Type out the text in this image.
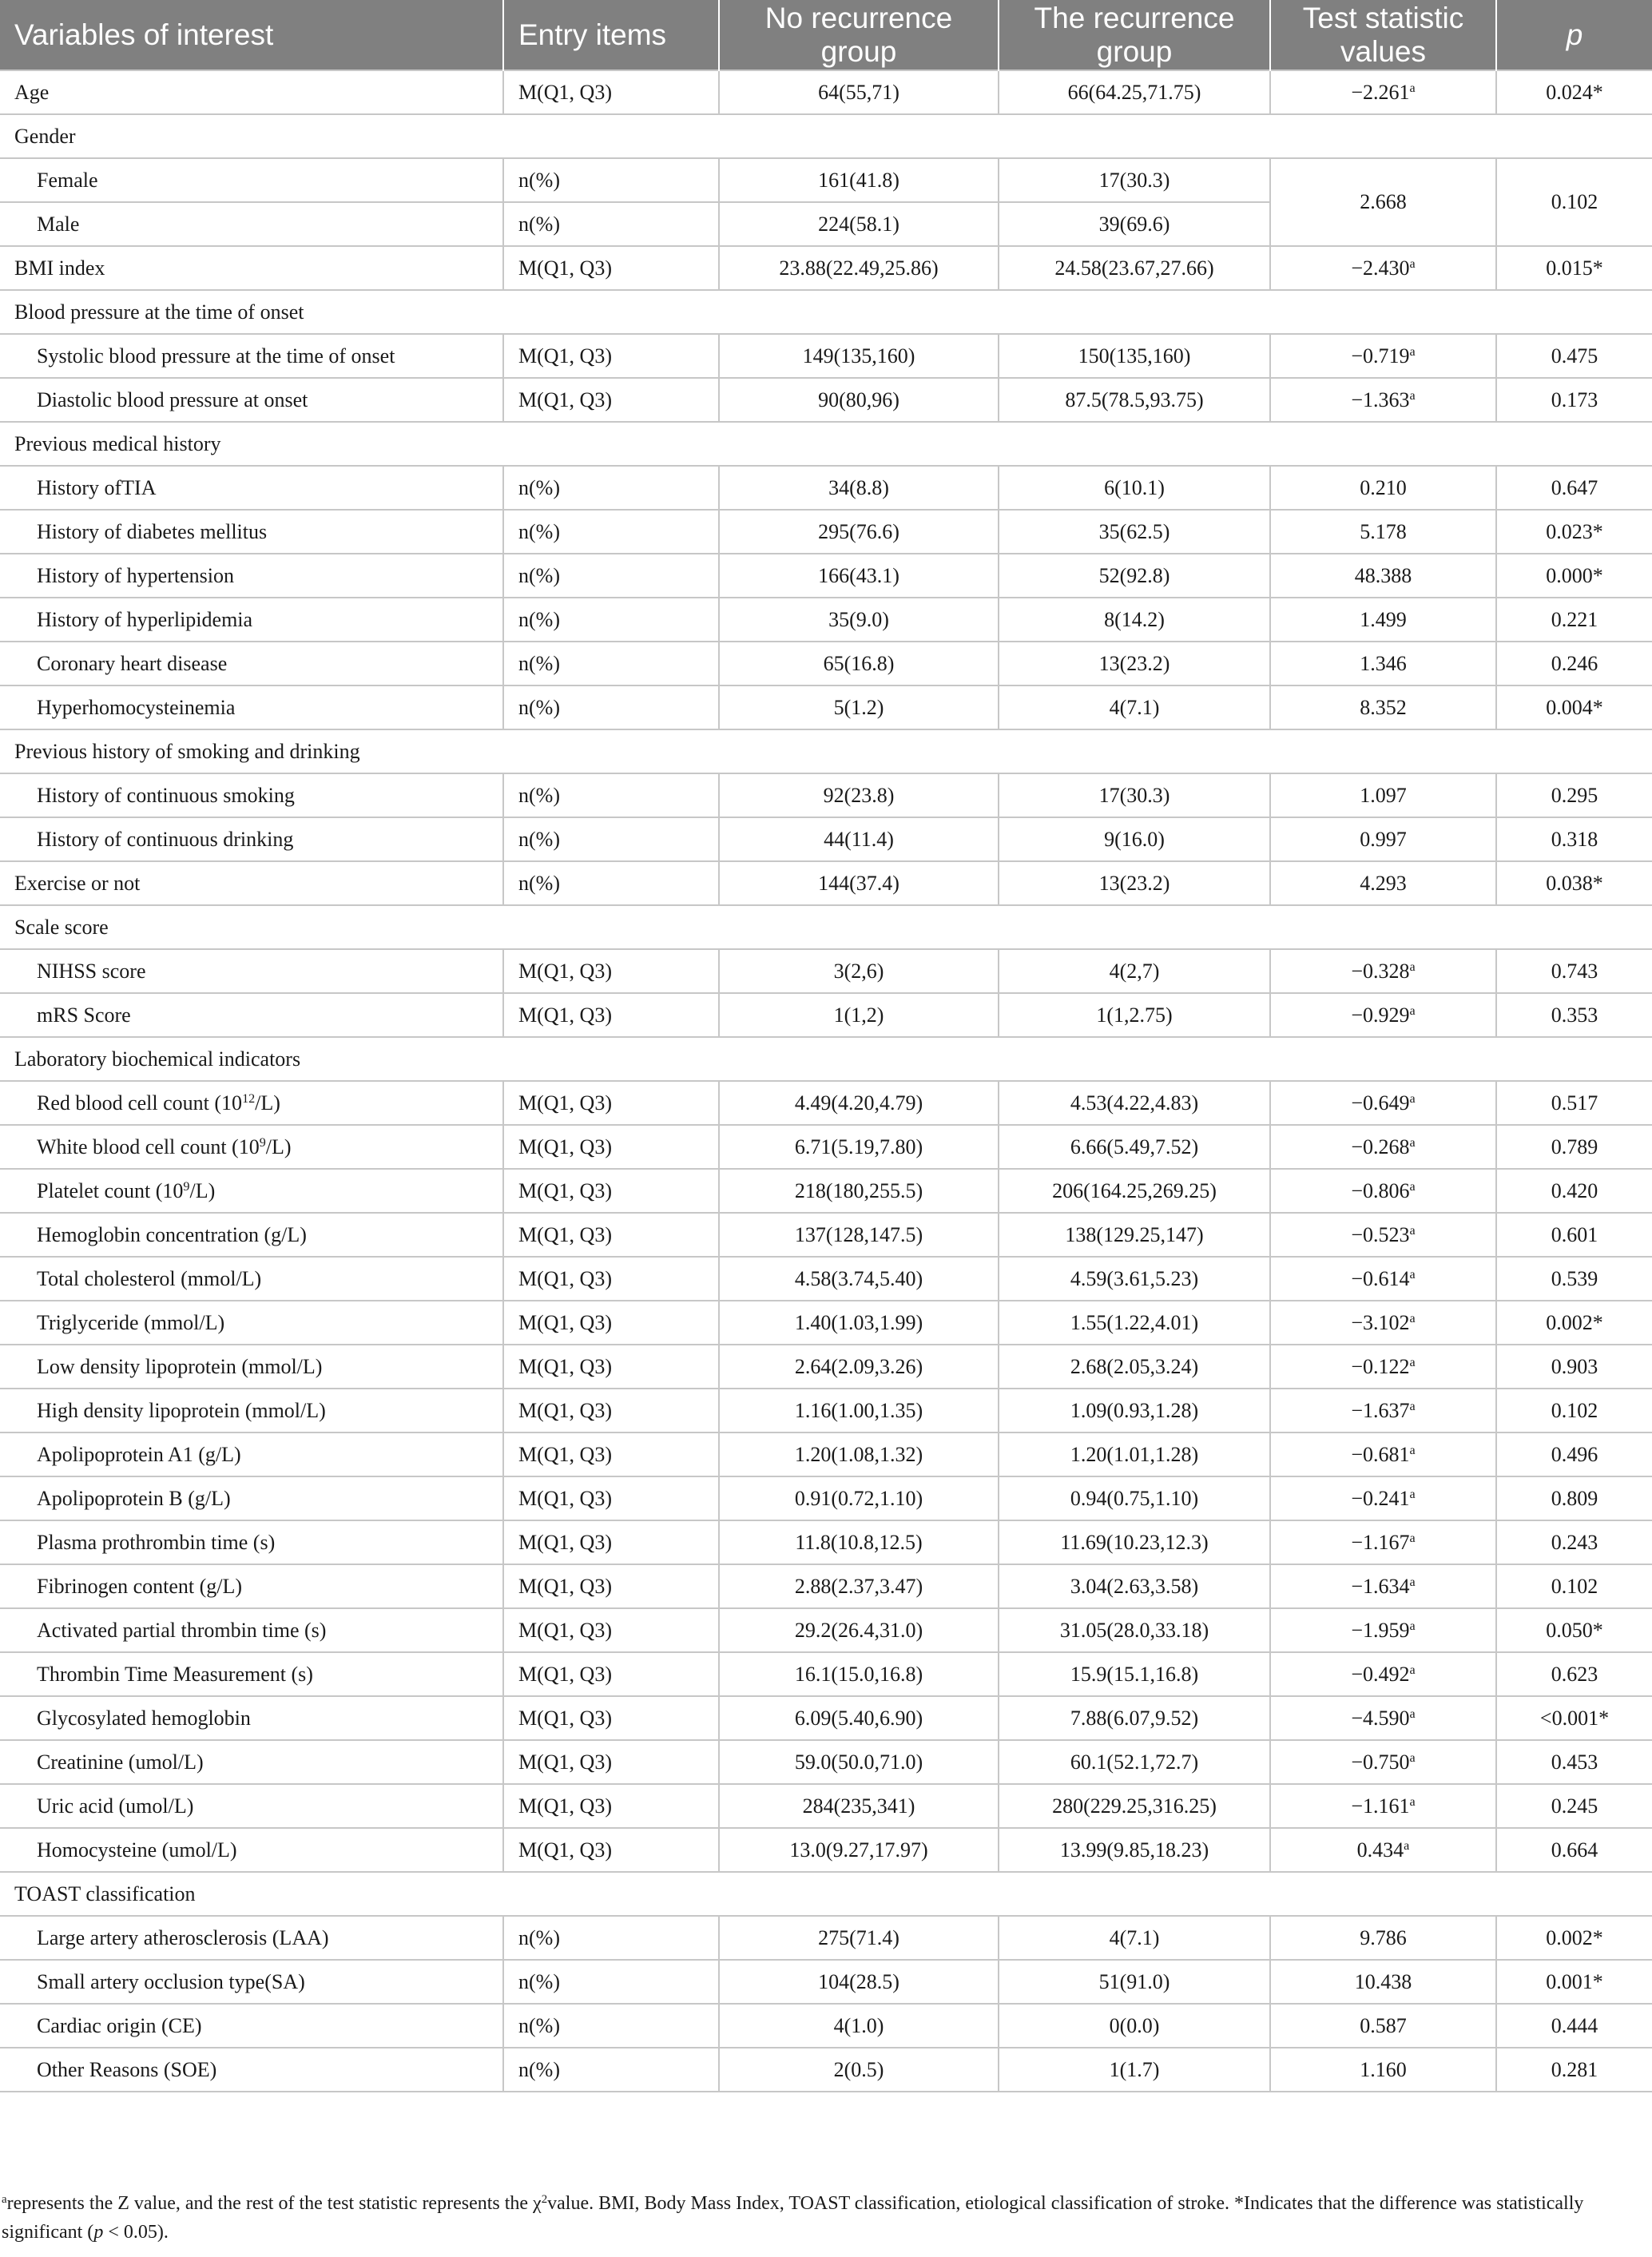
Variables of interest	Entry items	No recurrence group	The recurrence group	Test statistic values	p
Age	M(Q1, Q3)	64(55,71)	66(64.25,71.75)	−2.261$^a$	0.024*
Gender					
Female	n(%)	161(41.8)	17(30.3)	2.668	0.102
Male	n(%)	224(58.1)	39(69.6)		
BMI index	M(Q1, Q3)	23.88(22.49,25.86)	24.58(23.67,27.66)	−2.430$^a$	0.015*
Blood pressure at the time of onset					
Systolic blood pressure at the time of onset	M(Q1, Q3)	149(135,160)	150(135,160)	−0.719$^a$	0.475
Diastolic blood pressure at onset	M(Q1, Q3)	90(80,96)	87.5(78.5,93.75)	−1.363$^a$	0.173
Previous medical history					
History ofTIA	n(%)	34(8.8)	6(10.1)	0.210	0.647
History of diabetes mellitus	n(%)	295(76.6)	35(62.5)	5.178	0.023*
History of hypertension	n(%)	166(43.1)	52(92.8)	48.388	0.000*
History of hyperlipidemia	n(%)	35(9.0)	8(14.2)	1.499	0.221
Coronary heart disease	n(%)	65(16.8)	13(23.2)	1.346	0.246
Hyperhomocysteinemia	n(%)	5(1.2)	4(7.1)	8.352	0.004*
Previous history of smoking and drinking					
History of continuous smoking	n(%)	92(23.8)	17(30.3)	1.097	0.295
History of continuous drinking	n(%)	44(11.4)	9(16.0)	0.997	0.318
Exercise or not	n(%)	144(37.4)	13(23.2)	4.293	0.038*
Scale score					
NIHSS score	M(Q1, Q3)	3(2,6)	4(2,7)	−0.328$^a$	0.743
mRS Score	M(Q1, Q3)	1(1,2)	1(1,2.75)	−0.929$^a$	0.353
Laboratory biochemical indicators					
Red blood cell count $(10^{12}/L)$	M(Q1, Q3)	4.49(4.20,4.79)	4.53(4.22,4.83)	−0.649$^a$	0.517
White blood cell count $(10^9/L)$	M(Q1, Q3)	6.71(5.19,7.80)	6.66(5.49,7.52)	−0.268$^a$	0.789
Platelet count $(10^9/L)$	M(Q1, Q3)	218(180,255.5)	206(164.25,269.25)	−0.806$^a$	0.420
Hemoglobin concentration (g/L)	M(Q1, Q3)	137(128,147.5)	138(129.25,147)	−0.523$^a$	0.601
Total cholesterol (mmol/L)	M(Q1, Q3)	4.58(3.74,5.40)	4.59(3.61,5.23)	−0.614$^a$	0.539
Triglyceride (mmol/L)	M(Q1, Q3)	1.40(1.03,1.99)	1.55(1.22,4.01)	−3.102$^a$	0.002*
Low density lipoprotein (mmol/L)	M(Q1, Q3)	2.64(2.09,3.26)	2.68(2.05,3.24)	−0.122$^a$	0.903
High density lipoprotein (mmol/L)	M(Q1, Q3)	1.16(1.00,1.35)	1.09(0.93,1.28)	−1.637$^a$	0.102
Apolipoprotein A1 (g/L)	M(Q1, Q3)	1.20(1.08,1.32)	1.20(1.01,1.28)	−0.681$^a$	0.496
Apolipoprotein B (g/L)	M(Q1, Q3)	0.91(0.72,1.10)	0.94(0.75,1.10)	−0.241$^a$	0.809
Plasma prothrombin time (s)	M(Q1, Q3)	11.8(10.8,12.5)	11.69(10.23,12.3)	−1.167$^a$	0.243
Fibrinogen content (g/L)	M(Q1, Q3)	2.88(2.37,3.47)	3.04(2.63,3.58)	−1.634$^a$	0.102
Activated partial thrombin time (s)	M(Q1, Q3)	29.2(26.4,31.0)	31.05(28.0,33.18)	−1.959$^a$	0.050*
Thrombin Time Measurement (s)	M(Q1, Q3)	16.1(15.0,16.8)	15.9(15.1,16.8)	−0.492$^a$	0.623
Glycosylated hemoglobin	M(Q1, Q3)	6.09(5.40,6.90)	7.88(6.07,9.52)	−4.590$^a$	<0.001*
Creatinine (umol/L)	M(Q1, Q3)	59.0(50.0,71.0)	60.1(52.1,72.7)	−0.750$^a$	0.453
Uric acid (umol/L)	M(Q1, Q3)	284(235,341)	280(229.25,316.25)	−1.161$^a$	0.245
Homocysteine (umol/L)	M(Q1, Q3)	13.0(9.27,17.97)	13.99(9.85,18.23)	0.434$^a$	0.664
TOAST classification					
Large artery atherosclerosis (LAA)	n(%)	275(71.4)	4(7.1)	9.786	0.002*
Small artery occlusion type(SA)	n(%)	104(28.5)	51(91.0)	10.438	0.001*
Cardiac origin (CE)	n(%)	4(1.0)	0(0.0)	0.587	0.444
Other Reasons (SOE)	n(%)	2(0.5)	1(1.7)	1.160	0.281

$^a$represents the Z value, and the rest of the test statistic represents the $\chi^2value$. BMI, Body Mass Index, TOAST classification, etiological classification of stroke. *Indicates that the difference was statistically significant (p < 0.05).
